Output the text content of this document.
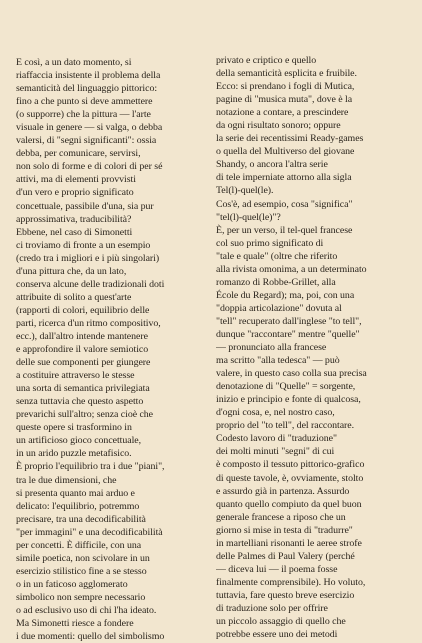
E così, a un dato momento, si
riaffaccia insistente il problema della
semanticità del linguaggio pittorico:
fino a che punto si deve ammettere
(o supporre) che la pittura — l'arte
visuale in genere — si valga, o debba
valersi, di "segni significanti": ossia
debba, per comunicare, servirsi,
non solo di forme e di colori di per sé
attivi, ma di elementi provvisti
d'un vero e proprio significato
concettuale, passibile d'una, sia pur
approssimativa, traducibilità?
Ebbene, nel caso di Simonetti
ci troviamo di fronte a un esempio
(credo tra i migliori e i più singolari)
d'una pittura che, da un lato,
conserva alcune delle tradizionali doti
attribuite di solito a quest'arte
(rapporti di colori, equilibrio delle
parti, ricerca d'un ritmo compositivo,
ecc.), dall'altro intende mantenere
e approfondire il valore semiotico
delle sue componenti per giungere
a costituire attraverso le stesse
una sorta di semantica privilegiata
senza tuttavia che questo aspetto
prevarichi sull'altro; senza cioè che
queste opere si trasformino in
un artificioso gioco concettuale,
in un arido puzzle metafisico.
È proprio l'equilibrio tra i due "piani",
tra le due dimensioni, che
si presenta quanto mai arduo e
delicato: l'equilibrio, potremmo
precisare, tra una decodificabilità
"per immagini" e una decodificabilità
per concetti. È difficile, con una
simile poetica, non scivolare in un
esercizio stilistico fine a se stesso
o in un faticoso agglomerato
simbolico non sempre necessario
o ad esclusivo uso di chi l'ha ideato.
Ma Simonetti riesce a fondere
i due momenti: quello del simbolismo
privato e criptico e quello
della semanticità esplicita e fruibile.
Ecco: si prendano i fogli di Mutica,
pagine di "musica muta", dove è la
notazione a contare, a prescindere
da ogni risultato sonoro; oppure
la serie dei recentissimi Ready-games
o quella del Multiverso del giovane
Shandy, o ancora l'altra serie
di tele imperniate attorno alla sigla
Tel(l)-quel(le).
Cos'è, ad esempio, cosa "significa"
"tel(l)-quel(le)"?
È, per un verso, il tel-quel francese
col suo primo significato di
"tale e quale" (oltre che riferito
alla rivista omonima, a un determinato
romanzo di Robbe-Grillet, alla
École du Regard); ma, poi, con una
"doppia articolazione" dovuta al
"tell" recuperato dall'inglese "to tell",
dunque "raccontare" mentre "quelle"
— pronunciato alla francese
ma scritto "alla tedesca" — può
valere, in questo caso colla sua precisa
denotazione di "Quelle" = sorgente,
inizio e principio e fonte di qualcosa,
d'ogni cosa, e, nel nostro caso,
proprio del "to tell", del raccontare.
Codesto lavoro di "traduzione"
dei molti minuti "segni" di cui
è composto il tessuto pittorico-grafico
di queste tavole, è, ovviamente, stolto
e assurdo già in partenza. Assurdo
quanto quello compiuto da quel buon
generale francese a riposo che un
giorno si mise in testa di "tradurre"
in martelliani risonanti le aeree strofe
delle Palmes di Paul Valery (perché
— diceva lui — il poema fosse
finalmente comprensibile). Ho voluto,
tuttavia, fare questo breve esercizio
di traduzione solo per offrire
un piccolo assaggio di quello che
potrebbe essere uno dei metodi
